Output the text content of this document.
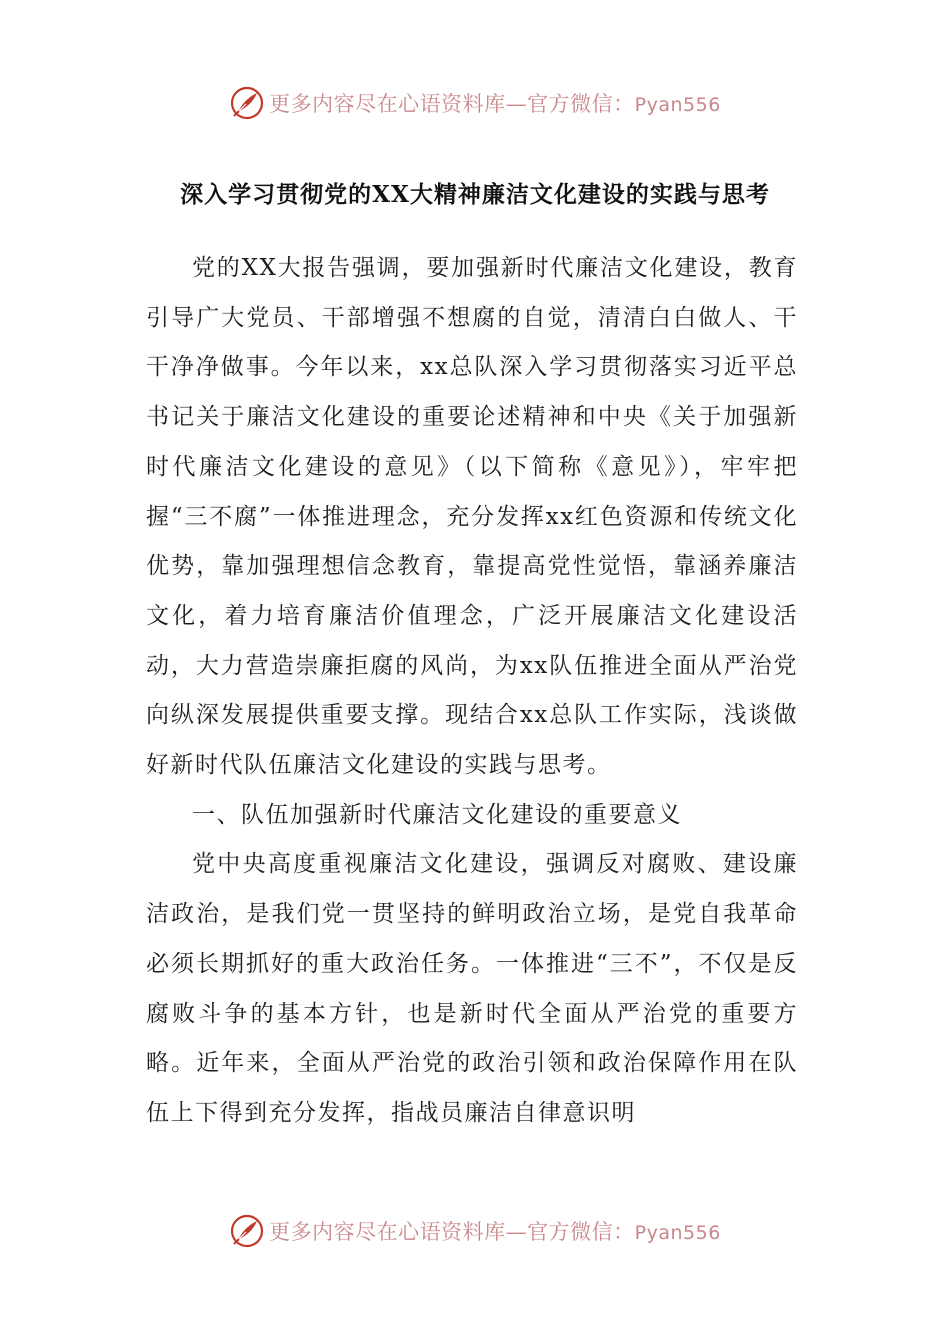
更多内容尽在心语资料库—官方微信：Pyan556
深入学习贯彻党的XX大精神廉洁文化建设的实践与思考

党的XX大报告强调，要加强新时代廉洁文化建设，教育引导广大党员、干部增强不想腐的自觉，清清白白做人、干干净净做事。今年以来，xx总队深入学习贯彻落实习近平总书记关于廉洁文化建设的重要论述精神和中央《关于加强新时代廉洁文化建设的意见》（以下简称《意见》），牢牢把握“三不腐”一体推进理念，充分发挥xx红色资源和传统文化优势，靠加强理想信念教育，靠提高党性觉悟，靠涵养廉洁文化，着力培育廉洁价值理念，广泛开展廉洁文化建设活动，大力营造崇廉拒腐的风尚，为xx队伍推进全面从严治党向纵深发展提供重要支撑。现结合xx总队工作实际，浅谈做好新时代队伍廉洁文化建设的实践与思考。

一、队伍加强新时代廉洁文化建设的重要意义

党中央高度重视廉洁文化建设，强调反对腐败、建设廉洁政治，是我们党一贯坚持的鲜明政治立场，是党自我革命必须长期抓好的重大政治任务。一体推进“三不”，不仅是反腐败斗争的基本方针，也是新时代全面从严治党的重要方略。近年来，全面从严治党的政治引领和政治保障作用在队伍上下得到充分发挥，指战员廉洁自律意识明

更多内容尽在心语资料库—官方微信：Pyan556
